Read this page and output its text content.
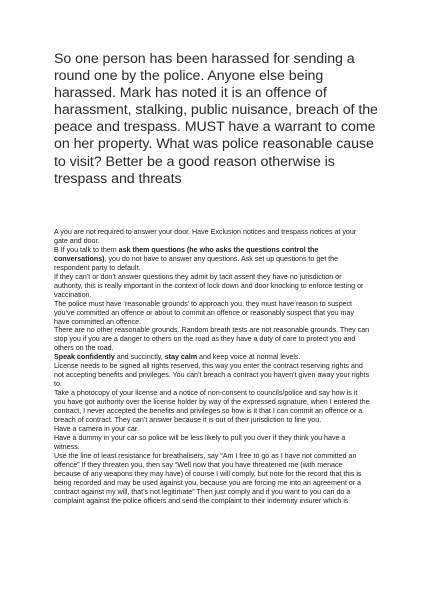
So one person has been harassed for sending a round one by the police. Anyone else being harassed. Mark has noted it is an offence of harassment, stalking, public nuisance, breach of the peace and trespass. MUST have a warrant to come on her property. What was police reasonable cause to visit? Better be a good reason otherwise is trespass and threats
A you are not required to answer your door. Have Exclusion notices and trespass notices at your gate and door.
B If you talk to them ask them questions (he who asks the questions control the conversations), you do not have to answer any questions. Ask set up questions to get the respondent party to default.
If they can’t or don’t answer questions they admit by tacit assent they have no jurisdiction or authority, this is really important in the context of lock down and door knocking to enforce testing or vaccination.
The police must have ‘reasonable grounds’ to approach you, they must have reason to suspect you’ve committed an offence or about to commit an offence or reasonably suspect that you may have committed an offence.
There are no other reasonable grounds. Random breath tests are not reasonable grounds. They can stop you if you are a danger to others on the road as they have a duty of care to protect you and others on the road.
Speak confidently and succinctly, stay calm and keep voice at normal levels.
License needs to be signed all rights reserved, this way you enter the contract reserving rights and not accepting benefits and privileges. You can’t breach a contract you haven’t given away your rights to.
Take a photocopy of your license and a notice of non-consent to councils/police and say how is it you have got authority over the license holder by way of the expressed signature, when I entered the contract, I never accepted the benefits and privileges so how is it that I can commit an offence or a breach of contract. They can’t answer because it is out of their jurisdiction to fine you.
Have a camera in your car.
Have a dummy in your car so police will be less likely to pull you over if they think you have a witness.
Use the line of least resistance for breathalisers, say “Am I free to go as I have not committed an offence” If they threaten you, then say “Well now that you have threatened me (with menace because of any weapons they may have) of course I will comply, but note for the record that this is being recorded and may be used against you, because you are forcing me into an agreement or a contract against my will, that’s not legitimate” Then just comply and if you want to you can do a complaint against the police officers and send the complaint to their indemnity insurer which is
